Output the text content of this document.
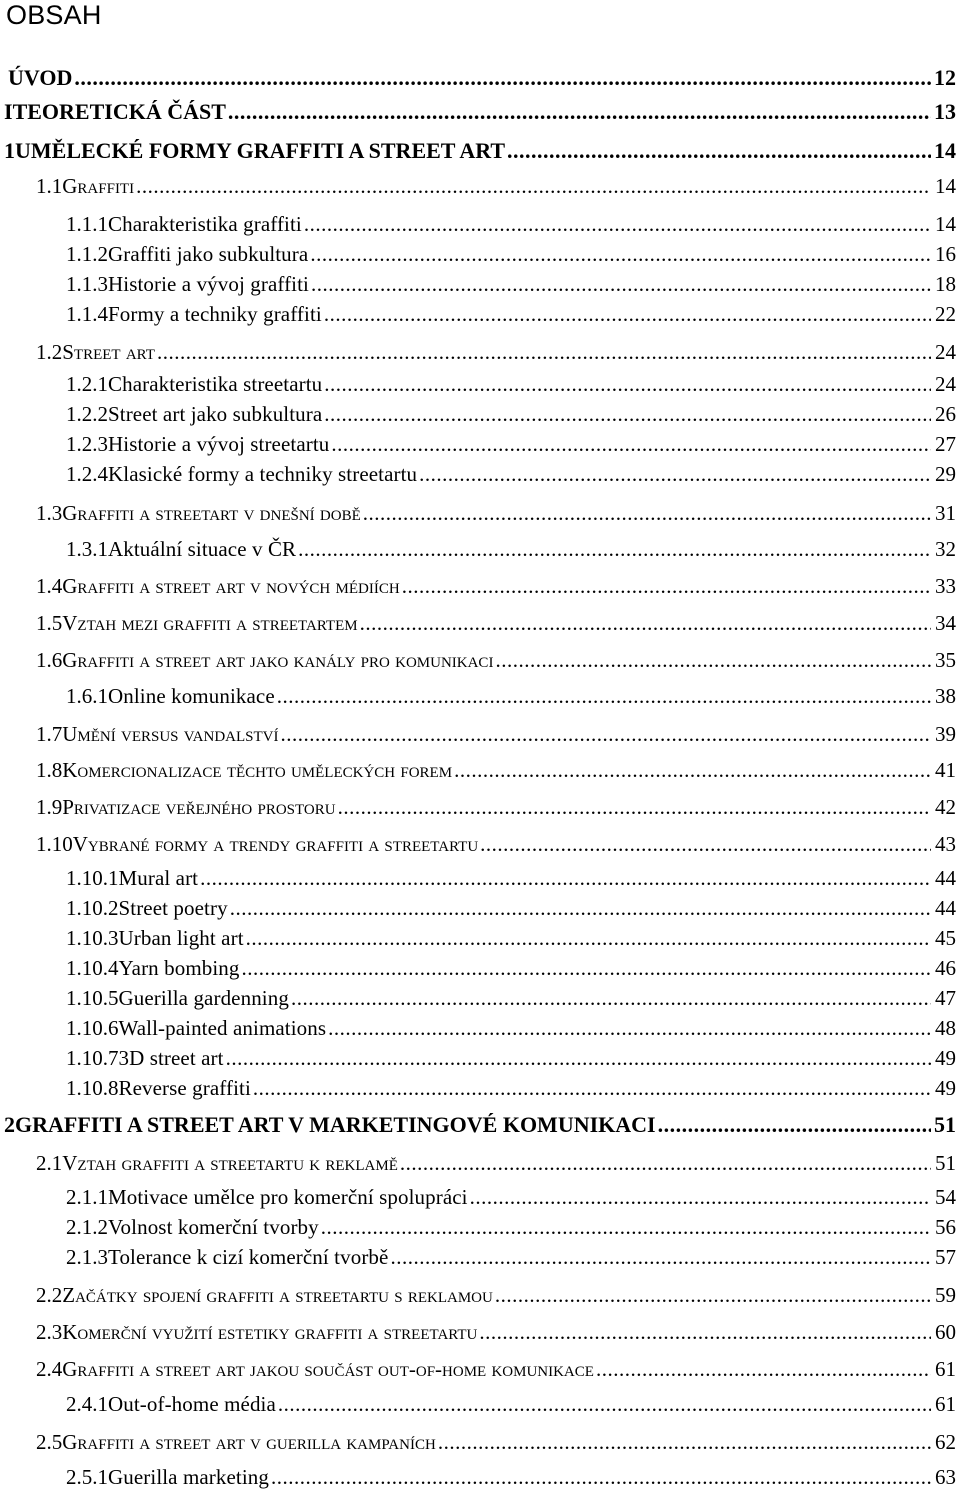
OBSAH
ÚVOD .....	12
I TEORETICKÁ ČÁST .....	13
1 UMĚLECKÉ FORMY GRAFFITI A STREET ART .....	14
1.1 Graffiti .....	14
1.1.1 Charakteristika graffiti .....	14
1.1.2 Graffiti jako subkultura .....	16
1.1.3 Historie a vývoj graffiti .....	18
1.1.4 Formy a techniky graffiti .....	22
1.2 Street art .....	24
1.2.1 Charakteristika streetartu .....	24
1.2.2 Street art jako subkultura .....	26
1.2.3 Historie a vývoj streetartu .....	27
1.2.4 Klasické formy a techniky streetartu .....	29
1.3 Graffiti a streetart v dnešní době .....	31
1.3.1 Aktuální situace v ČR .....	32
1.4 Graffiti a street art v nových médiích .....	33
1.5 Vztah mezi graffiti a streetartem .....	34
1.6 Graffiti a street art jako kanály pro komunikaci .....	35
1.6.1 Online komunikace .....	38
1.7 Umění versus vandalství .....	39
1.8 Komercionalizace těchto uměleckých forem .....	41
1.9 Privatizace veřejného prostoru .....	42
1.10 Vybrané formy a trendy graffiti a streetartu .....	43
1.10.1 Mural art .....	44
1.10.2 Street poetry .....	44
1.10.3 Urban light art .....	45
1.10.4 Yarn bombing .....	46
1.10.5 Guerilla gardenning .....	47
1.10.6 Wall-painted animations .....	48
1.10.7 3D street art .....	49
1.10.8 Reverse graffiti .....	49
2 GRAFFITI A STREET ART V MARKETINGOVÉ KOMUNIKACI .....	51
2.1 Vztah graffiti a streetartu k reklamě .....	51
2.1.1 Motivace umělce pro komerční spolupráci .....	54
2.1.2 Volnost komerční tvorby .....	56
2.1.3 Tolerance k cizí komerční tvorbě .....	57
2.2 Začátky spojení graffiti a streetartu s reklamou .....	59
2.3 Komerční využití estetiky graffiti a streetartu .....	60
2.4 Graffiti a street art jakou součást out-of-home komunikace .....	61
2.4.1 Out-of-home média .....	61
2.5 Graffiti a street art v guerilla kampaních .....	62
2.5.1 Guerilla marketing .....	63
